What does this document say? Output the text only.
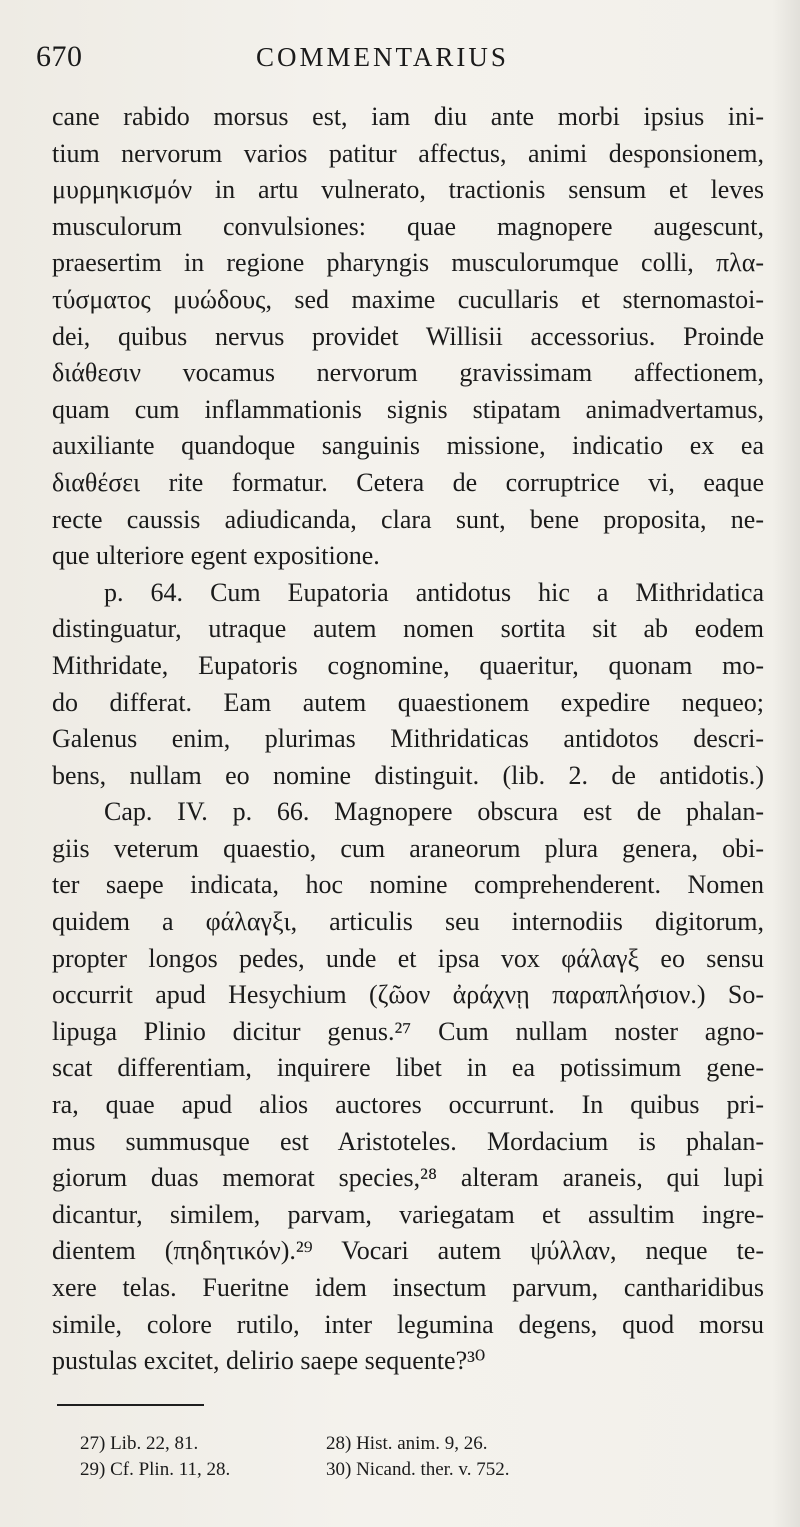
670	COMMENTARIUS
cane rabido morsus est, iam diu ante morbi ipsius ini-
tium nervorum varios patitur affectus, animi desponsionem,
μυρμηκισμόν in artu vulnerato, tractionis sensum et leves
musculorum convulsiones: quae magnopere augescunt,
praesertim in regione pharyngis musculorumque colli, πλα-
τύσματος μυώδους, sed maxime cucullaris et sternomastoi-
dei, quibus nervus providet Willisii accessorius. Proinde
διάθεσιν vocamus nervorum gravissimam affectionem,
quam cum inflammationis signis stipatam animadvertamus,
auxiliante quandoque sanguinis missione, indicatio ex ea
διαθέσει rite formatur. Cetera de corruptrice vi, eaque
recte caussis adiudicanda, clara sunt, bene proposita, ne-
que ulteriore egent expositione.
p. 64. Cum Eupatoria antidotus hic a Mithridatica
distinguatur, utraque autem nomen sortita sit ab eodem
Mithridate, Eupatoris cognomine, quaeritur, quonam mo-
do differat. Eam autem quaestionem expedire nequeo;
Galenus enim, plurimas Mithridaticas antidotos descri-
bens, nullam eo nomine distinguit. (lib. 2. de antidotis.)
Cap. IV. p. 66. Magnopere obscura est de phalan-
giis veterum quaestio, cum araneorum plura genera, obi-
ter saepe indicata, hoc nomine comprehenderent. Nomen
quidem a φάλαγξι, articulis seu internodiis digitorum,
propter longos pedes, unde et ipsa vox φάλαγξ eo sensu
occurrit apud Hesychium (ζῶον ἀράχνῃ παραπλήσιον.) So-
lipuga Plinio dicitur genus.²⁷ Cum nullam noster agno-
scat differentiam, inquirere libet in ea potissimum gene-
ra, quae apud alios auctores occurrunt. In quibus pri-
mus summusque est Aristoteles. Mordacium is phalan-
giorum duas memorat species,²⁸ alteram araneis, qui lupi
dicantur, similem, parvam, variegatam et assultim ingre-
dientem (πηδητικόν).²⁹ Vocari autem ψύλλαν, neque te-
xere telas. Fueritne idem insectum parvum, cantharidibus
simile, colore rutilo, inter legumina degens, quod morsu
pustulas excitet, delirio saepe sequente?³⁰
27) Lib. 22, 81.	28) Hist. anim. 9, 26.
29) Cf. Plin. 11, 28.	30) Nicand. ther. v. 752.
